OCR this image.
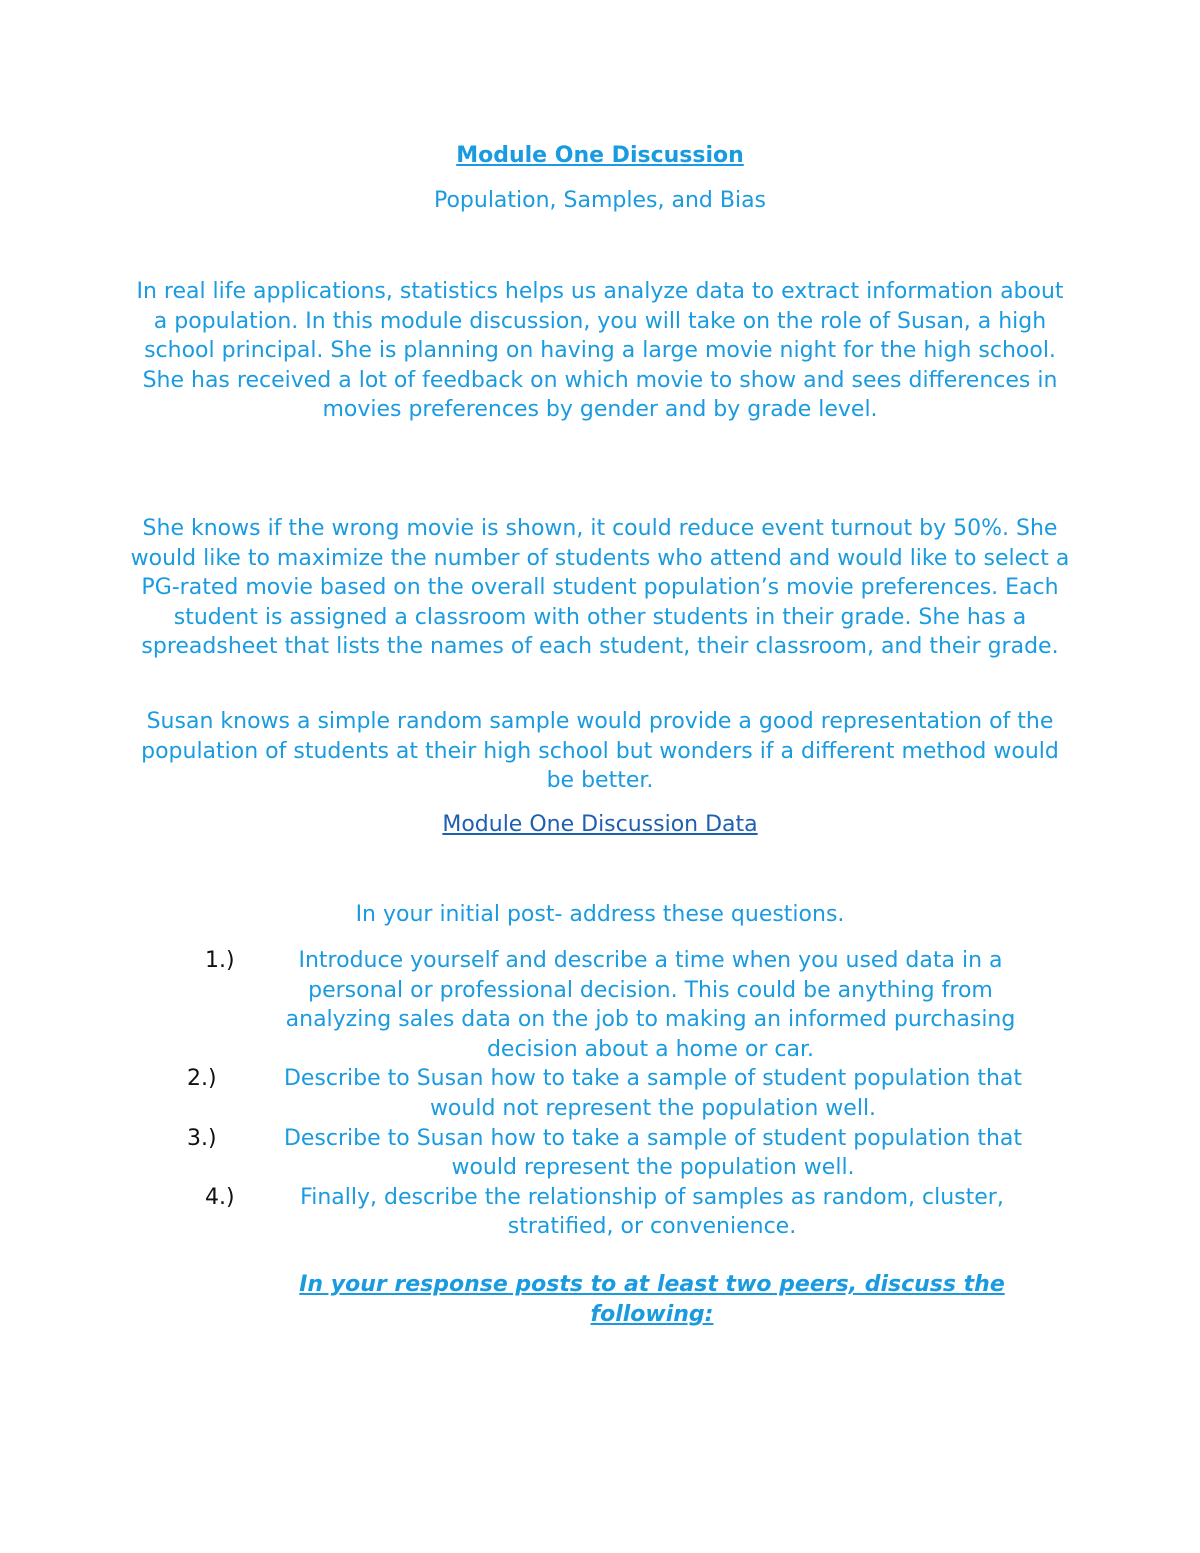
Module One Discussion

Population, Samples, and Bias

In real life applications, statistics helps us analyze data to extract information about a population. In this module discussion, you will take on the role of Susan, a high school principal. She is planning on having a large movie night for the high school. She has received a lot of feedback on which movie to show and sees differences in movies preferences by gender and by grade level.

She knows if the wrong movie is shown, it could reduce event turnout by 50%. She would like to maximize the number of students who attend and would like to select a PG-rated movie based on the overall student population’s movie preferences. Each student is assigned a classroom with other students in their grade. She has a spreadsheet that lists the names of each student, their classroom, and their grade.

Susan knows a simple random sample would provide a good representation of the population of students at their high school but wonders if a different method would be better.

Module One Discussion Data

In your initial post- address these questions.

1.)	Introduce yourself and describe a time when you used data in a personal or professional decision. This could be anything from analyzing sales data on the job to making an informed purchasing decision about a home or car.
2.)	Describe to Susan how to take a sample of student population that would not represent the population well.
3.)	Describe to Susan how to take a sample of student population that would represent the population well.
4.)	Finally, describe the relationship of samples as random, cluster, stratified, or convenience.

In your response posts to at least two peers, discuss the following:
